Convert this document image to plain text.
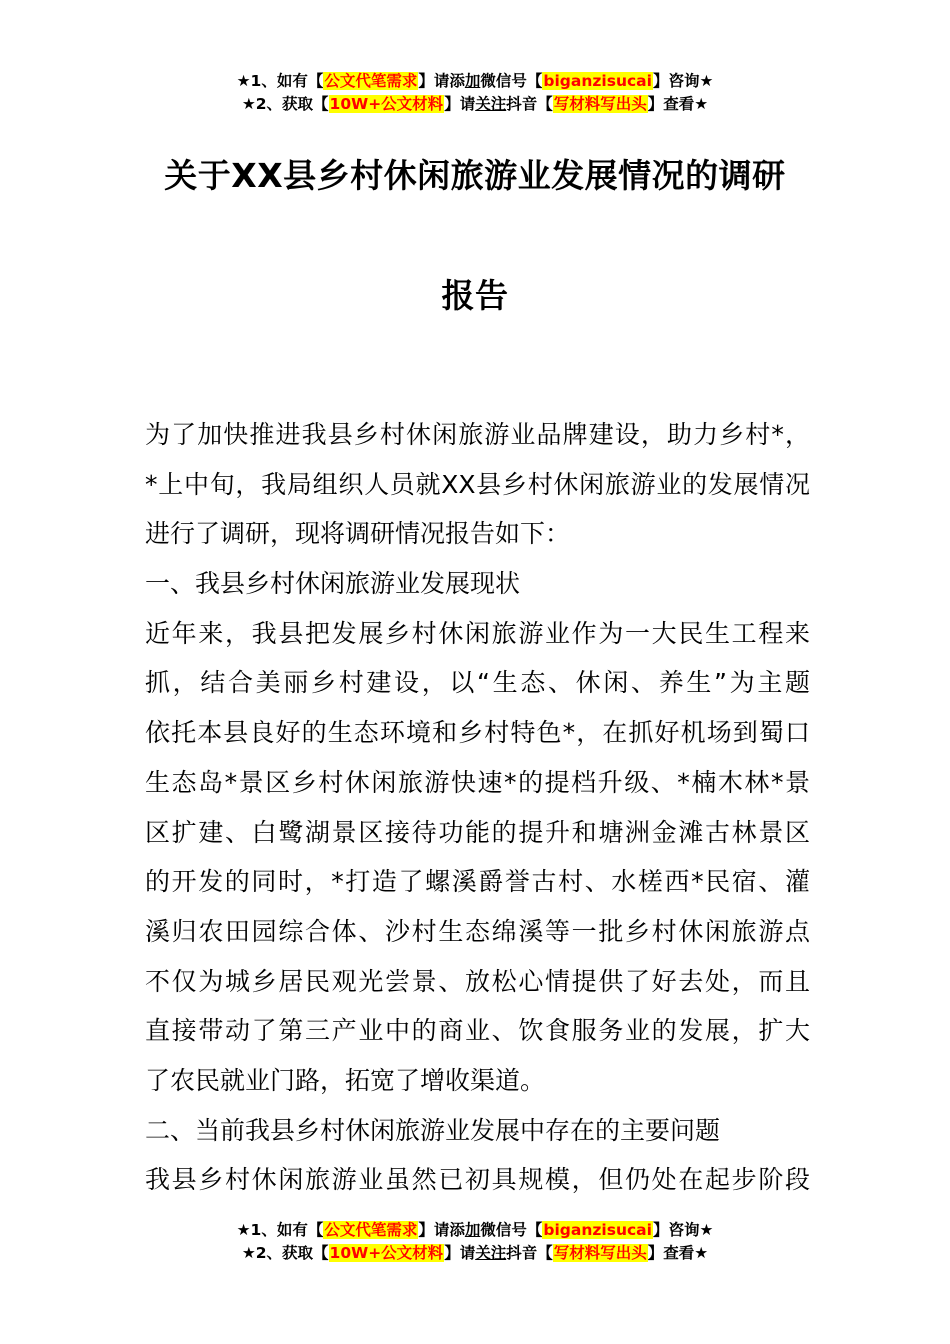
★1、如有【公文代笔需求】请添加微信号【biganzisucai】咨询★
★2、获取【10W+公文材料】请关注抖音【写材料写出头】查看★
关于XX县乡村休闲旅游业发展情况的调研
报告
为了加快推进我县乡村休闲旅游业品牌建设，助力乡村*，
*上中旬，我局组织人员就XX县乡村休闲旅游业的发展情况
进行了调研，现将调研情况报告如下：
一、我县乡村休闲旅游业发展现状
近年来，我县把发展乡村休闲旅游业作为一大民生工程来
抓，结合美丽乡村建设，以“生态、休闲、养生”为主题
依托本县良好的生态环境和乡村特色*，在抓好机场到蜀口
生态岛*景区乡村休闲旅游快速*的提档升级、*楠木林*景
区扩建、白鹭湖景区接待功能的提升和塘洲金滩古林景区
的开发的同时，*打造了螺溪爵誉古村、水槎西*民宿、灌
溪归农田园综合体、沙村生态绵溪等一批乡村休闲旅游点
不仅为城乡居民观光尝景、放松心情提供了好去处，而且
直接带动了第三产业中的商业、饮食服务业的发展，扩大
了农民就业门路，拓宽了增收渠道。
二、当前我县乡村休闲旅游业发展中存在的主要问题
我县乡村休闲旅游业虽然已初具规模，但仍处在起步阶段
★1、如有【公文代笔需求】请添加微信号【biganzisucai】咨询★
★2、获取【10W+公文材料】请关注抖音【写材料写出头】查看★
